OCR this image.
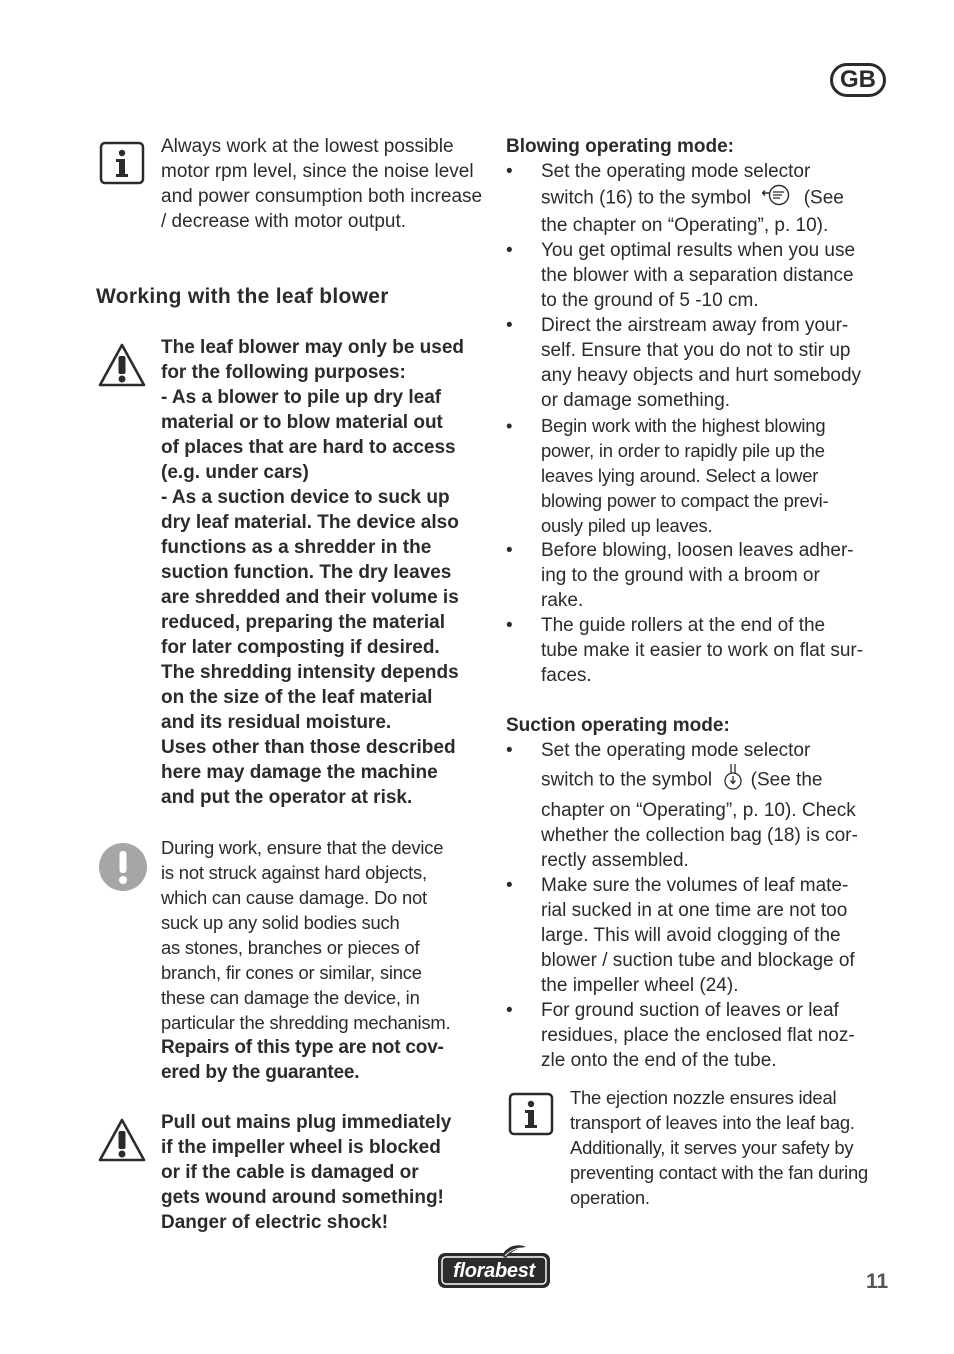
GB
Always work at the lowest possible motor rpm level, since the noise level and power consumption both increase / decrease with motor output.
Working with the leaf blower
The leaf blower may only be used
for the following purposes:
- As a blower to pile up dry leaf
material or to blow material out
of places that are hard to access
(e.g. under cars)
- As a suction device to suck up
dry leaf material. The device also
functions as a shredder in the
suction function. The dry leaves
are shredded and their volume is
reduced, preparing the material
for later composting if desired.
The shredding intensity depends
on the size of the leaf material
and its residual moisture.
Uses other than those described
here may damage the machine
and put the operator at risk.
During work, ensure that the device
is not struck against hard objects,
which can cause damage. Do not
suck up any solid bodies such
as stones, branches or pieces of
branch, fir cones or similar, since
these can damage the device, in
particular the shredding mechanism.
Repairs of this type are not cov-
ered by the guarantee.
Pull out mains plug immediately
if the impeller wheel is blocked
or if the cable is damaged or
gets wound around something!
Danger of electric shock!
Blowing operating mode:
• Set the operating mode selector
switch (16) to the symbol	(See
the chapter on “Operating”, p. 10).
• You get optimal results when you use
the blower with a separation distance
to the ground of 5 -10 cm.
• Direct the airstream away from your-
self. Ensure that you do not to stir up
any heavy objects and hurt somebody
or damage something.
• Begin work with the highest blowing
power, in order to rapidly pile up the
leaves lying around. Select a lower
blowing power to compact the previ-
ously piled up leaves.
• Before blowing, loosen leaves adher-
ing to the ground with a broom or
rake.
• The guide rollers at the end of the
tube make it easier to work on flat sur-
faces.
Suction operating mode:
• Set the operating mode selector
switch to the symbol (See the
chapter on “Operating”, p. 10). Check
whether the collection bag (18) is cor-
rectly assembled.
• Make sure the volumes of leaf mate-
rial sucked in at one time are not too
large. This will avoid clogging of the
blower / suction tube and blockage of
the impeller wheel (24).
• For ground suction of leaves or leaf
residues, place the enclosed flat noz-
zle onto the end of the tube.
The ejection nozzle ensures ideal
transport of leaves into the leaf bag.
Additionally, it serves your safety by
preventing contact with the fan during
operation.
florabest	11
